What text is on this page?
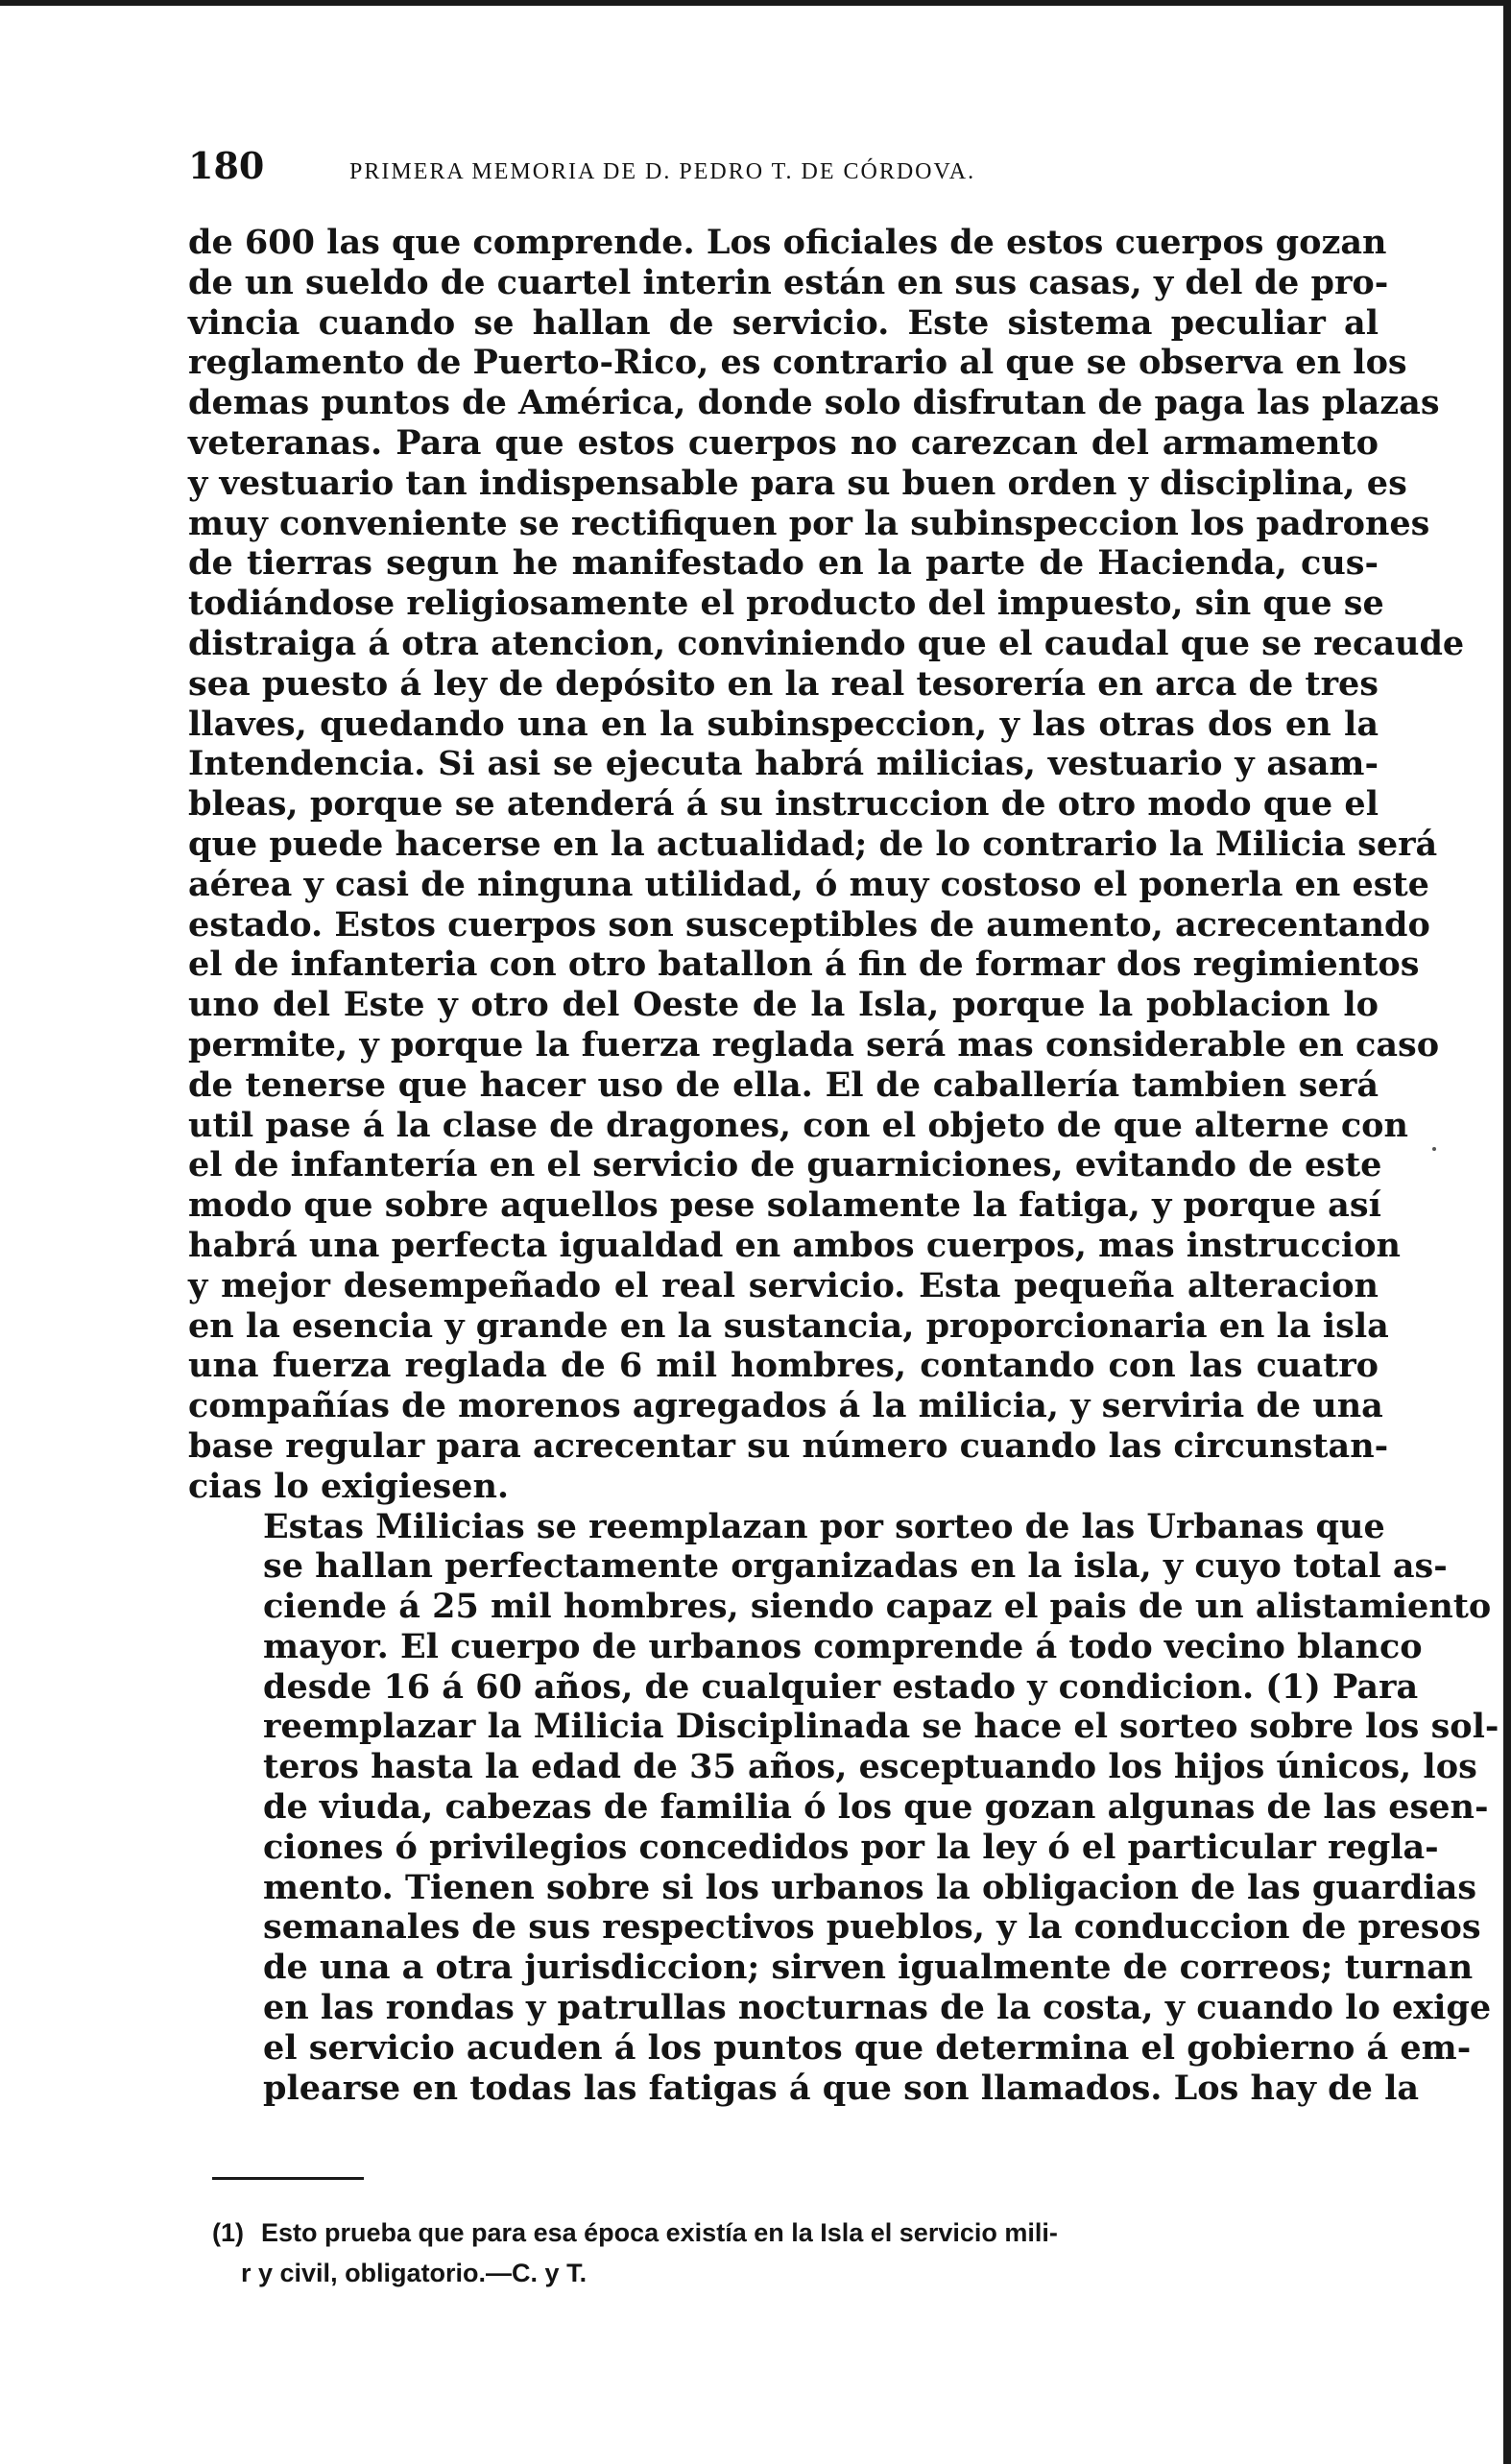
180	PRIMERA MEMORIA DE D. PEDRO T. DE CÓRDOVA.

de 600 las que comprende. Los oficiales de estos cuerpos gozan
de un sueldo de cuartel interin están en sus casas, y del de pro-
vincia cuando se hallan de servicio. Este sistema peculiar al
reglamento de Puerto-Rico, es contrario al que se observa en los
demas puntos de América, donde solo disfrutan de paga las plazas
veteranas. Para que estos cuerpos no carezcan del armamento
y vestuario tan indispensable para su buen orden y disciplina, es
muy conveniente se rectifiquen por la subinspeccion los padrones
de tierras segun he manifestado en la parte de Hacienda, cus-
todiándose religiosamente el producto del impuesto, sin que se
distraiga á otra atencion, conviniendo que el caudal que se recaude
sea puesto á ley de depósito en la real tesorería en arca de tres
llaves, quedando una en la subinspeccion, y las otras dos en la
Intendencia. Si asi se ejecuta habrá milicias, vestuario y asam-
bleas, porque se atenderá á su instruccion de otro modo que el
que puede hacerse en la actualidad; de lo contrario la Milicia será
aérea y casi de ninguna utilidad, ó muy costoso el ponerla en este
estado. Estos cuerpos son susceptibles de aumento, acrecentando
el de infanteria con otro batallon á fin de formar dos regimientos
uno del Este y otro del Oeste de la Isla, porque la poblacion lo
permite, y porque la fuerza reglada será mas considerable en caso
de tenerse que hacer uso de ella. El de caballería tambien será
util pase á la clase de dragones, con el objeto de que alterne con
el de infantería en el servicio de guarniciones, evitando de este
modo que sobre aquellos pese solamente la fatiga, y porque así
habrá una perfecta igualdad en ambos cuerpos, mas instruccion
y mejor desempeñado el real servicio. Esta pequeña alteracion
en la esencia y grande en la sustancia, proporcionaria en la isla
una fuerza reglada de 6 mil hombres, contando con las cuatro
compañías de morenos agregados á la milicia, y serviria de una
base regular para acrecentar su número cuando las circunstan-
cias lo exigiesen.

Estas Milicias se reemplazan por sorteo de las Urbanas que
se hallan perfectamente organizadas en la isla, y cuyo total as-
ciende á 25 mil hombres, siendo capaz el pais de un alistamiento
mayor. El cuerpo de urbanos comprende á todo vecino blanco
desde 16 á 60 años, de cualquier estado y condicion. (1) Para
reemplazar la Milicia Disciplinada se hace el sorteo sobre los sol-
teros hasta la edad de 35 años, esceptuando los hijos únicos, los
de viuda, cabezas de familia ó los que gozan algunas de las esen-
ciones ó privilegios concedidos por la ley ó el particular regla-
mento. Tienen sobre si los urbanos la obligacion de las guardias
semanales de sus respectivos pueblos, y la conduccion de presos
de una a otra jurisdiccion; sirven igualmente de correos; turnan
en las rondas y patrullas nocturnas de la costa, y cuando lo exige
el servicio acuden á los puntos que determina el gobierno á em-
plearse en todas las fatigas á que son llamados. Los hay de la

(1) Esto prueba que para esa época existía en la Isla el servicio mili-
r y civil, obligatorio.—C. y T.
